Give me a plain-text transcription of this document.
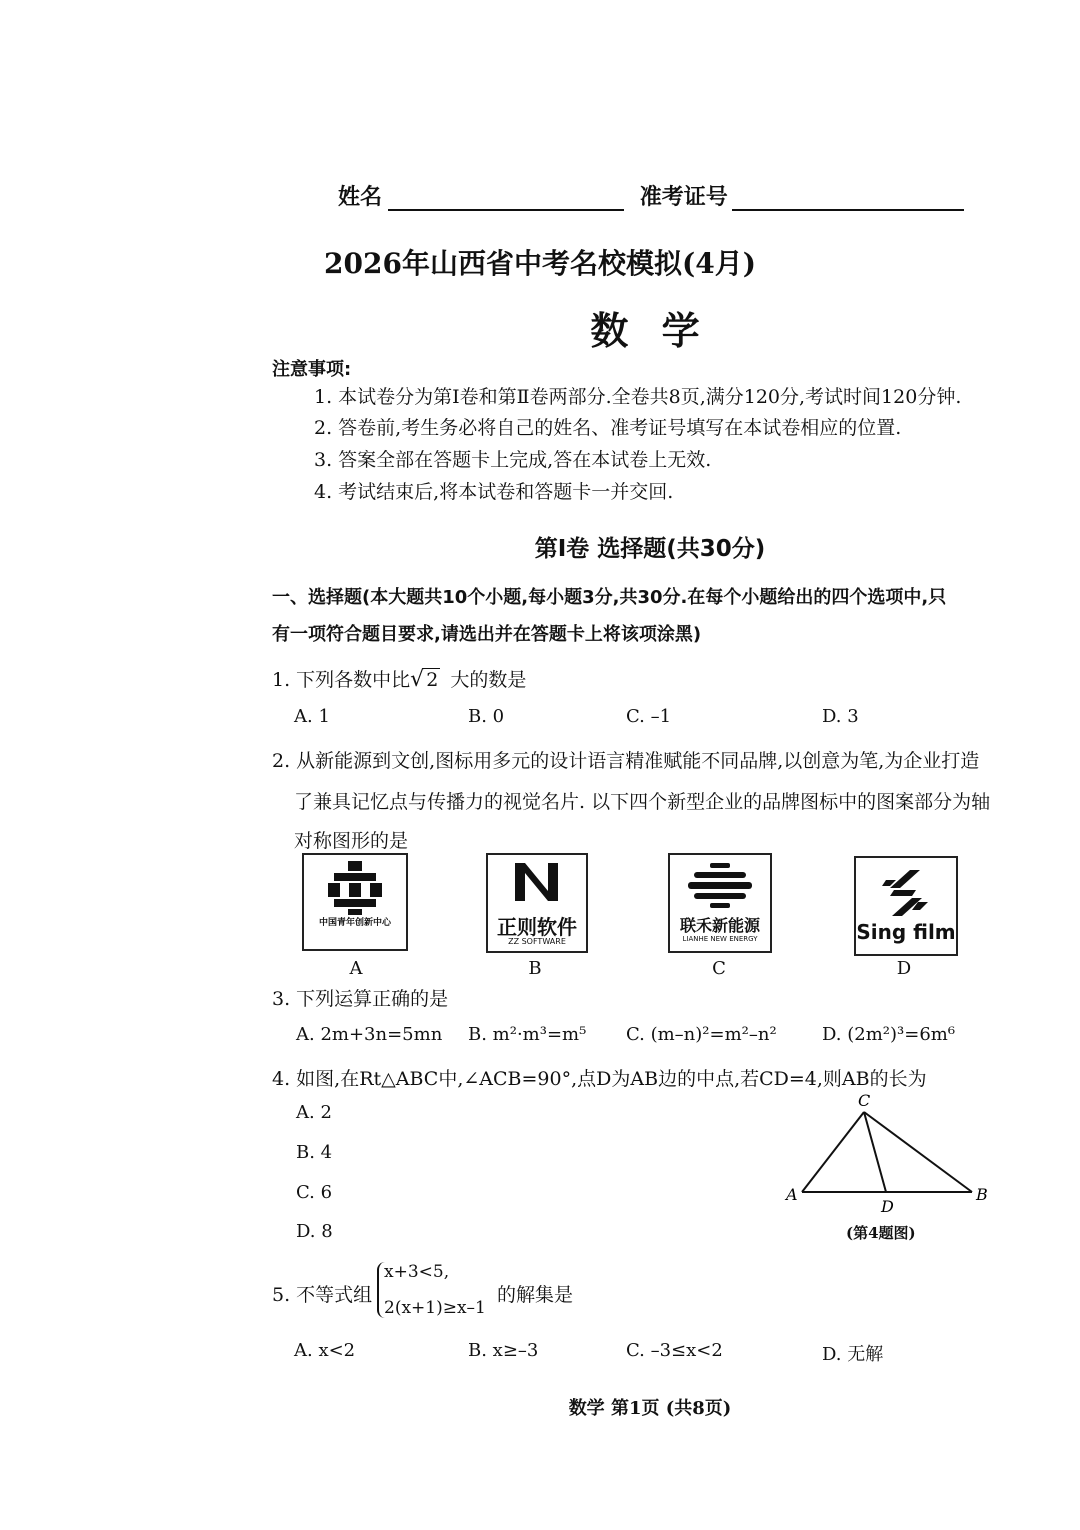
姓名	准考证号
2026年山西省中考名校模拟(4月)
数 学
注意事项:
1. 本试卷分为第Ⅰ卷和第Ⅱ卷两部分.全卷共8页,满分120分,考试时间120分钟.
2. 答卷前,考生务必将自己的姓名、准考证号填写在本试卷相应的位置.
3. 答案全部在答题卡上完成,答在本试卷上无效.
4. 考试结束后,将本试卷和答题卡一并交回.
第Ⅰ卷 选择题(共30分)
一、选择题(本大题共10个小题,每小题3分,共30分.在每个小题给出的四个选项中,只
有一项符合题目要求,请选出并在答题卡上将该项涂黑)
1. 下列各数中比√ 2 大的数是
A. 1	B. 0	C. –1	D. 3
2. 从新能源到文创,图标用多元的设计语言精准赋能不同品牌,以创意为笔,为企业打造
了兼具记忆点与传播力的视觉名片. 以下四个新型企业的品牌图标中的图案部分为轴
对称图形的是
中国青年创新中心
A
正则软件
ZZ SOFTWARE
B
联禾新能源
LIANHE NEW ENERGY
C
Sing film
D
3. 下列运算正确的是
A. 2m+3n=5mn B. m²·m³=m⁵ C. (m–n)²=m²–n²	D. (2m²)³=6m⁶
4. 如图,在Rt△ABC中,∠ACB=90°,点D为AB边的中点,若CD=4,则AB的长为
A. 2
B. 4
C. 6
D. 8
A	B
C
D
(第4题图)
5. 不等式组
x+3<5,
2(x+1)≥x–1
的解集是
A. x<2	B. x≥–3	C. –3≤x<2	D. 无解
数学 第1页 (共8页)
